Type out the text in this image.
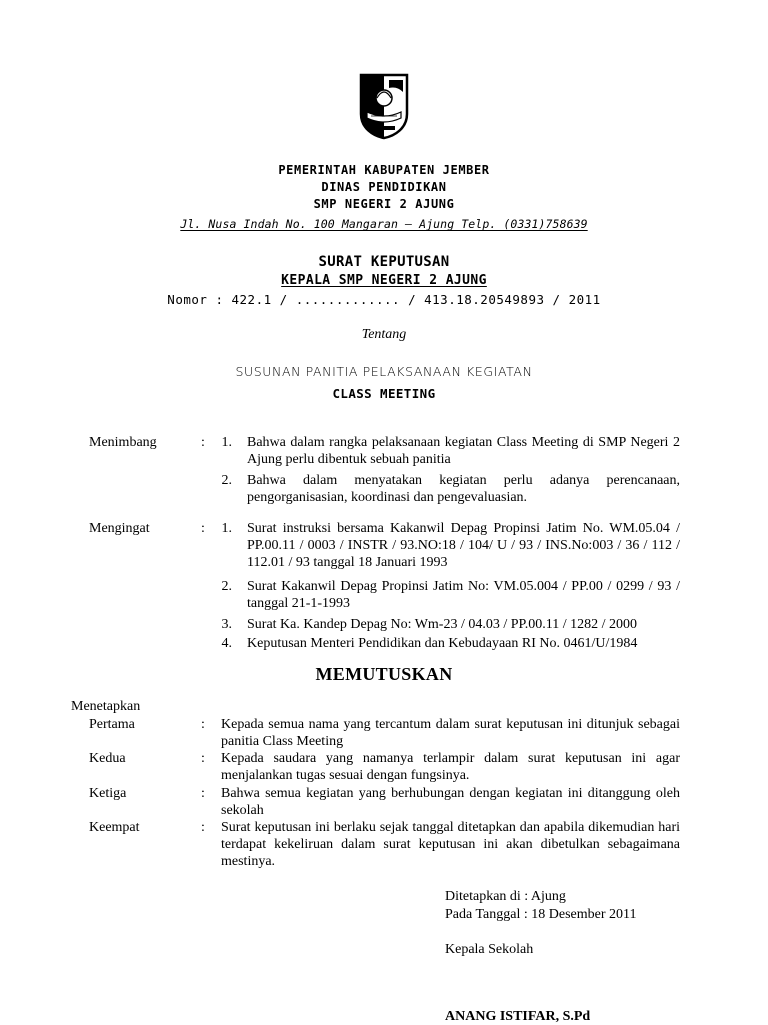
PEMERINTAH KABUPATEN JEMBER
DINAS PENDIDIKAN
SMP NEGERI 2 AJUNG
Jl. Nusa Indah No. 100 Mangaran – Ajung Telp. (0331)758639
SURAT KEPUTUSAN
KEPALA SMP NEGERI 2 AJUNG
Nomor : 422.1 / ............. / 413.18.20549893 / 2011
Tentang
SUSUNAN PANITIA PELAKSANAAN KEGIATAN
CLASS MEETING
Menimbang	:	1. Bahwa dalam rangka pelaksanaan kegiatan Class Meeting di SMP Negeri 2 Ajung perlu dibentuk sebuah panitia
2. Bahwa dalam menyatakan kegiatan perlu adanya perencanaan, pengorganisasian, koordinasi dan pengevaluasian.
Mengingat	:	1. Surat instruksi bersama Kakanwil Depag Propinsi Jatim No. WM.05.04 / PP.00.11 / 0003 / INSTR / 93.NO:18 / 104/ U / 93 / INS.No:003 / 36 / 112 / 112.01 / 93 tanggal 18 Januari 1993
2. Surat Kakanwil Depag Propinsi Jatim No: VM.05.004 / PP.00 / 0299 / 93 / tanggal 21-1-1993
3. Surat Ka. Kandep Depag No: Wm-23 / 04.03 / PP.00.11 / 1282 / 2000
4. Keputusan Menteri Pendidikan dan Kebudayaan RI No. 0461/U/1984
MEMUTUSKAN
Menetapkan
Pertama	: Kepada semua nama yang tercantum dalam surat keputusan ini ditunjuk sebagai panitia Class Meeting
Kedua	: Kepada saudara yang namanya terlampir dalam surat keputusan ini agar menjalankan tugas sesuai dengan fungsinya.
Ketiga	: Bahwa semua kegiatan yang berhubungan dengan kegiatan ini ditanggung oleh sekolah
Keempat	: Surat keputusan ini berlaku sejak tanggal ditetapkan dan apabila dikemudian hari terdapat kekeliruan dalam surat keputusan ini akan dibetulkan sebagaimana mestinya.
Ditetapkan di : Ajung
Pada Tanggal : 18 Desember 2011
Kepala Sekolah
ANANG ISTIFAR, S.Pd
